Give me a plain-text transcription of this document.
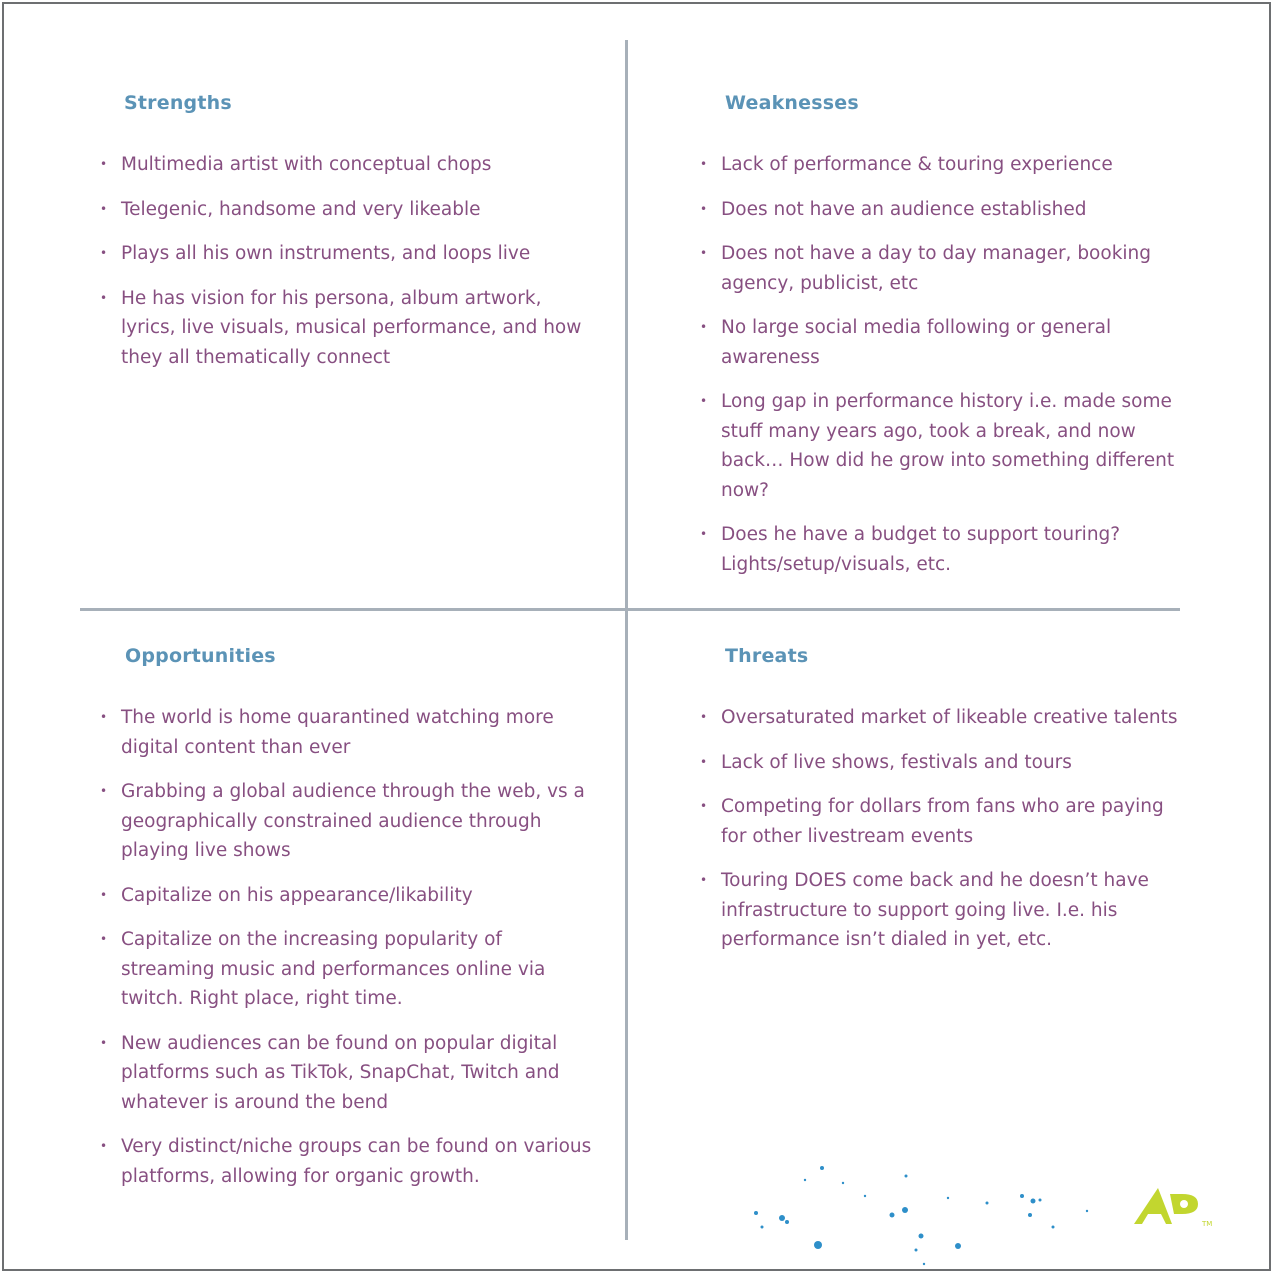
Strengths
• Multimedia artist with conceptual chops
• Telegenic, handsome and very likeable
• Plays all his own instruments, and loops live
• He has vision for his persona, album artwork, lyrics, live visuals, musical performance, and how they all thematically connect
Weaknesses
• Lack of performance & touring experience
• Does not have an audience established
• Does not have a day to day manager, booking agency, publicist, etc
• No large social media following or general awareness
• Long gap in performance history i.e. made some stuff many years ago, took a break, and now back… How did he grow into something different now?
• Does he have a budget to support touring? Lights/setup/visuals, etc.
Opportunities
• The world is home quarantined watching more digital content than ever
• Grabbing a global audience through the web, vs a geographically constrained audience through playing live shows
• Capitalize on his appearance/likability
• Capitalize on the increasing popularity of streaming music and performances online via twitch. Right place, right time.
• New audiences can be found on popular digital platforms such as TikTok, SnapChat, Twitch and whatever is around the bend
• Very distinct/niche groups can be found on various platforms, allowing for organic growth.
Threats
• Oversaturated market of likeable creative talents
• Lack of live shows, festivals and tours
• Competing for dollars from fans who are paying for other livestream events
• Touring DOES come back and he doesn’t have infrastructure to support going live. I.e. his performance isn’t dialed in yet, etc.
TM
